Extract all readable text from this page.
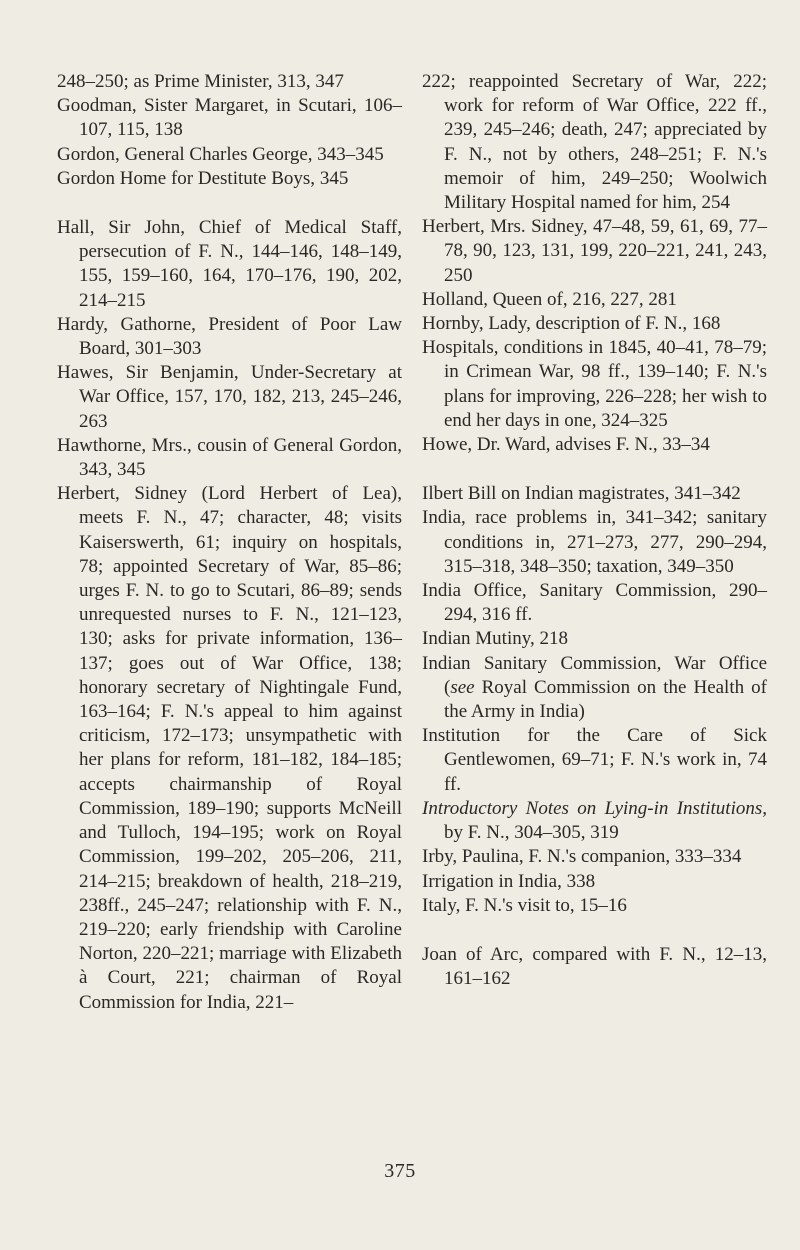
248–250; as Prime Minister, 313, 347

Goodman, Sister Margaret, in Scutari, 106–107, 115, 138

Gordon, General Charles George, 343–345

Gordon Home for Destitute Boys, 345

Hall, Sir John, Chief of Medical Staff, persecution of F. N., 144–146, 148–149, 155, 159–160, 164, 170–176, 190, 202, 214–215

Hardy, Gathorne, President of Poor Law Board, 301–303

Hawes, Sir Benjamin, Under-Secretary at War Office, 157, 170, 182, 213, 245–246, 263

Hawthorne, Mrs., cousin of General Gordon, 343, 345

Herbert, Sidney (Lord Herbert of Lea), meets F. N., 47; character, 48; visits Kaiserswerth, 61; inquiry on hospitals, 78; appointed Secretary of War, 85–86; urges F. N. to go to Scutari, 86–89; sends unrequested nurses to F. N., 121–123, 130; asks for private information, 136–137; goes out of War Office, 138; honorary secretary of Nightingale Fund, 163–164; F. N.'s appeal to him against criticism, 172–173; unsympathetic with her plans for reform, 181–182, 184–185; accepts chairmanship of Royal Commission, 189–190; supports McNeill and Tulloch, 194–195; work on Royal Commission, 199–202, 205–206, 211, 214–215; breakdown of health, 218–219, 238ff., 245–247; relationship with F. N., 219–220; early friendship with Caroline Norton, 220–221; marriage with Elizabeth à Court, 221; chairman of Royal Commission for India, 221–

222; reappointed Secretary of War, 222; work for reform of War Office, 222 ff., 239, 245–246; death, 247; appreciated by F. N., not by others, 248–251; F. N.'s memoir of him, 249–250; Woolwich Military Hospital named for him, 254

Herbert, Mrs. Sidney, 47–48, 59, 61, 69, 77–78, 90, 123, 131, 199, 220–221, 241, 243, 250

Holland, Queen of, 216, 227, 281

Hornby, Lady, description of F. N., 168

Hospitals, conditions in 1845, 40–41, 78–79; in Crimean War, 98 ff., 139–140; F. N.'s plans for improving, 226–228; her wish to end her days in one, 324–325

Howe, Dr. Ward, advises F. N., 33–34

Ilbert Bill on Indian magistrates, 341–342

India, race problems in, 341–342; sanitary conditions in, 271–273, 277, 290–294, 315–318, 348–350; taxation, 349–350

India Office, Sanitary Commission, 290–294, 316 ff.

Indian Mutiny, 218

Indian Sanitary Commission, War Office (see Royal Commission on the Health of the Army in India)

Institution for the Care of Sick Gentlewomen, 69–71; F. N.'s work in, 74 ff.

Introductory Notes on Lying-in Institutions, by F. N., 304–305, 319

Irby, Paulina, F. N.'s companion, 333–334

Irrigation in India, 338

Italy, F. N.'s visit to, 15–16

Joan of Arc, compared with F. N., 12–13, 161–162

375
